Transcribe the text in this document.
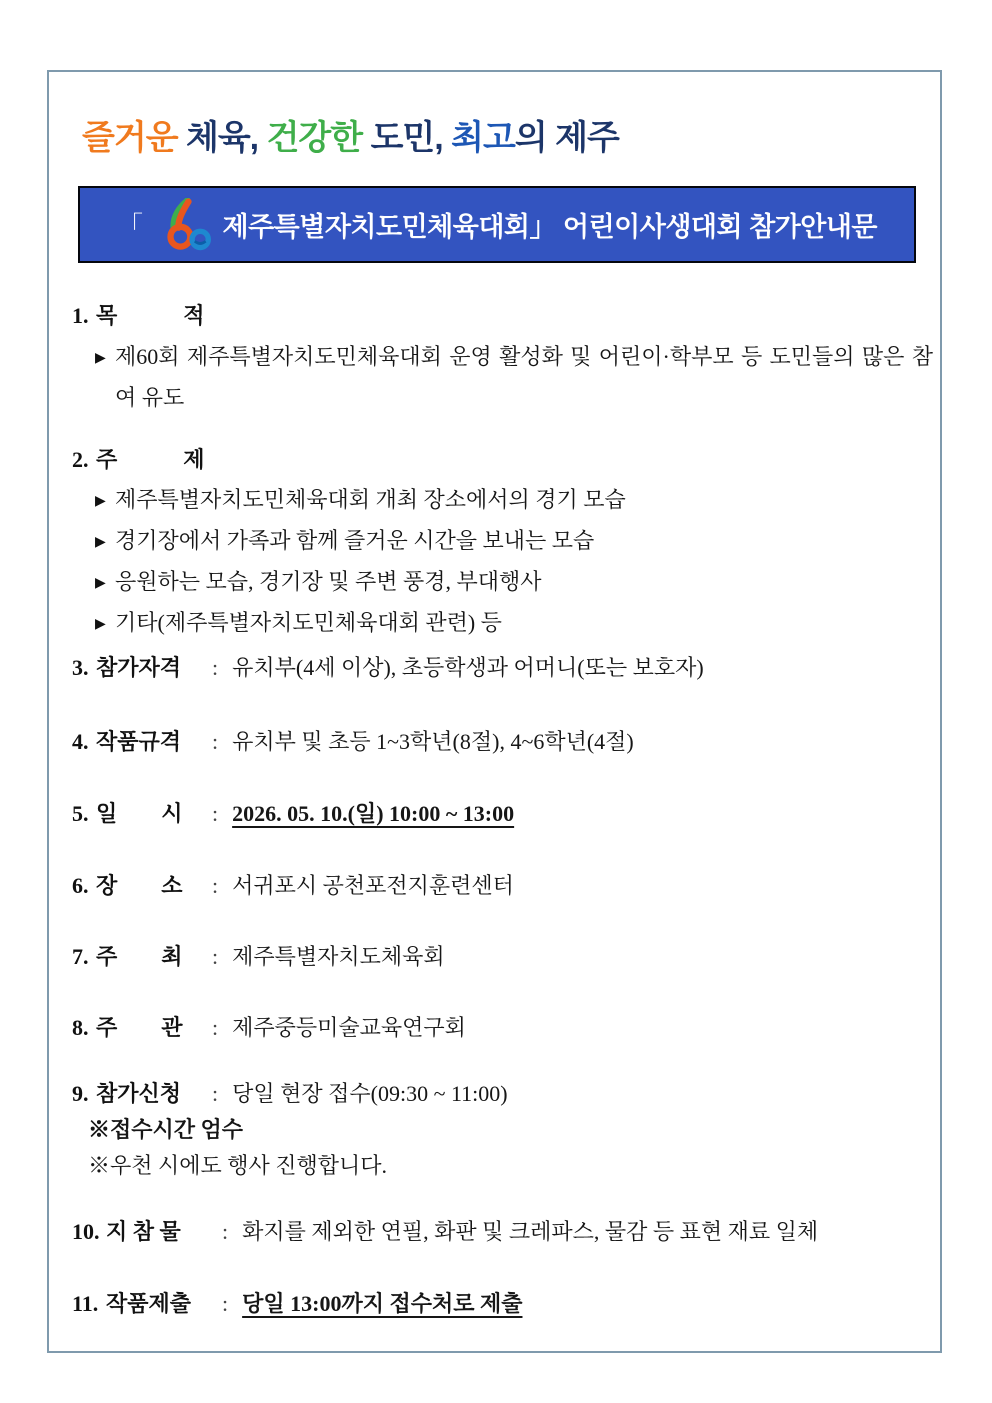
즐거운 체육, 건강한 도민, 최고의 제주

「	제주특별자치도민체육대회」 어린이사생대회 참가안내문
1. 목　　　적
▶ 제60회 제주특별자치도민체육대회 운영 활성화 및 어린이·학부모 등 도민들의 많은 참여 유도
2. 주　　　제
▶ 제주특별자치도민체육대회 개최 장소에서의 경기 모습
▶ 경기장에서 가족과 함께 즐거운 시간을 보내는 모습
▶ 응원하는 모습, 경기장 및 주변 풍경, 부대행사
▶ 기타(제주특별자치도민체육대회 관련) 등
3. 참가자격	: 유치부(4세 이상), 초등학생과 어머니(또는 보호자)
4. 작품규격	: 유치부 및 초등 1~3학년(8절), 4~6학년(4절)
5. 일　　시	: 2026. 05. 10.(일) 10:00 ~ 13:00
6. 장　　소	: 서귀포시 공천포전지훈련센터
7. 주　　최	: 제주특별자치도체육회
8. 주　　관	: 제주중등미술교육연구회
9. 참가신청	: 당일 현장 접수(09:30 ~ 11:00)
※접수시간 엄수
※우천 시에도 행사 진행합니다.
10. 지 참 물	: 화지를 제외한 연필, 화판 및 크레파스, 물감 등 표현 재료 일체
11. 작품제출	: 당일 13:00까지 접수처로 제출
